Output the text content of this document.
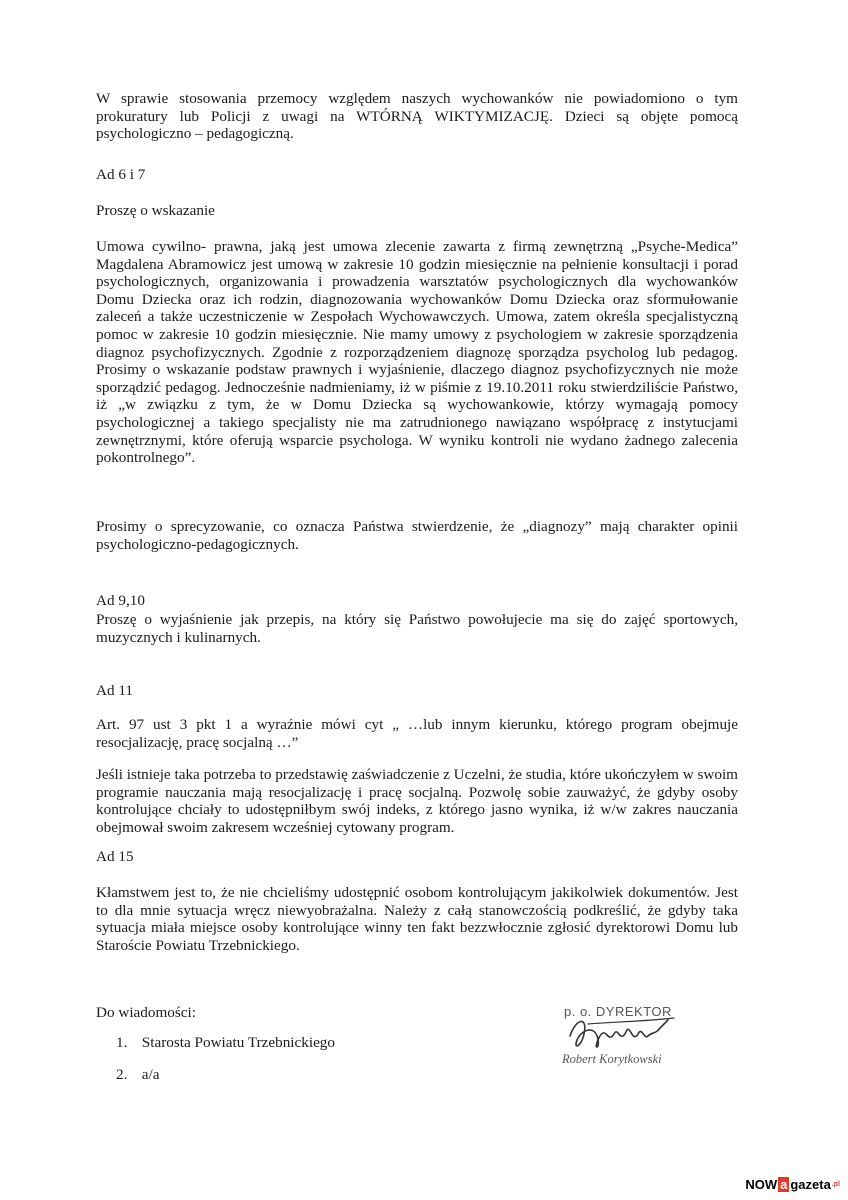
W sprawie stosowania przemocy względem naszych wychowanków nie powiadomiono o tym prokuratury lub Policji z uwagi na WTÓRNĄ WIKTYMIZACJĘ. Dzieci są objęte pomocą psychologiczno – pedagogiczną.

Ad 6 i 7

Proszę o wskazanie

Umowa cywilno- prawna, jaką jest umowa zlecenie zawarta z firmą zewnętrzną „Psyche-Medica” Magdalena Abramowicz jest umową w zakresie 10 godzin miesięcznie na pełnienie konsultacji i porad psychologicznych, organizowania i prowadzenia warsztatów psychologicznych dla wychowanków Domu Dziecka oraz ich rodzin, diagnozowania wychowanków Domu Dziecka oraz sformułowanie zaleceń a także uczestniczenie w Zespołach Wychowawczych. Umowa, zatem określa specjalistyczną pomoc w zakresie 10 godzin miesięcznie. Nie mamy umowy z psychologiem w zakresie sporządzenia diagnoz psychofizycznych. Zgodnie z rozporządzeniem diagnozę sporządza psycholog lub pedagog. Prosimy o wskazanie podstaw prawnych i wyjaśnienie, dlaczego diagnoz psychofizycznych nie może sporządzić pedagog. Jednocześnie nadmieniamy, iż w piśmie z 19.10.2011 roku stwierdziliście Państwo, iż „w związku z tym, że w Domu Dziecka są wychowankowie, którzy wymagają pomocy psychologicznej a takiego specjalisty nie ma zatrudnionego nawiązano współpracę z instytucjami zewnętrznymi, które oferują wsparcie psychologa. W wyniku kontroli nie wydano żadnego zalecenia pokontrolnego”.

Prosimy o sprecyzowanie, co oznacza Państwa stwierdzenie, że „diagnozy” mają charakter opinii psychologiczno-pedagogicznych.

Ad 9,10

Proszę o wyjaśnienie jak przepis, na który się Państwo powołujecie ma się do zajęć sportowych, muzycznych i kulinarnych.

Ad 11

Art. 97 ust 3 pkt 1 a wyraźnie mówi cyt „ …lub innym kierunku, którego program obejmuje resocjalizację, pracę socjalną …”

Jeśli istnieje taka potrzeba to przedstawię zaświadczenie z Uczelni, że studia, które ukończyłem w swoim programie nauczania mają resocjalizację i pracę socjalną. Pozwolę sobie zauważyć, że gdyby osoby kontrolujące chciały to udostępniłbym swój indeks, z którego jasno wynika, iż w/w zakres nauczania obejmował swoim zakresem wcześniej cytowany program.

Ad 15

Kłamstwem jest to, że nie chcieliśmy udostępnić osobom kontrolującym jakikolwiek dokumentów. Jest to dla mnie sytuacja wręcz niewyobrażalna. Należy z całą stanowczością podkreślić, że gdyby taka sytuacja miała miejsce osoby kontrolujące winny ten fakt bezzwłocznie zgłosić dyrektorowi Domu lub Staroście Powiatu Trzebnickiego.

Do wiadomości:

1. Starosta Powiatu Trzebnickiego
2. a/a
p. o. DYREKTOR
Robert Korytkowski
NOW a gazeta .pl
